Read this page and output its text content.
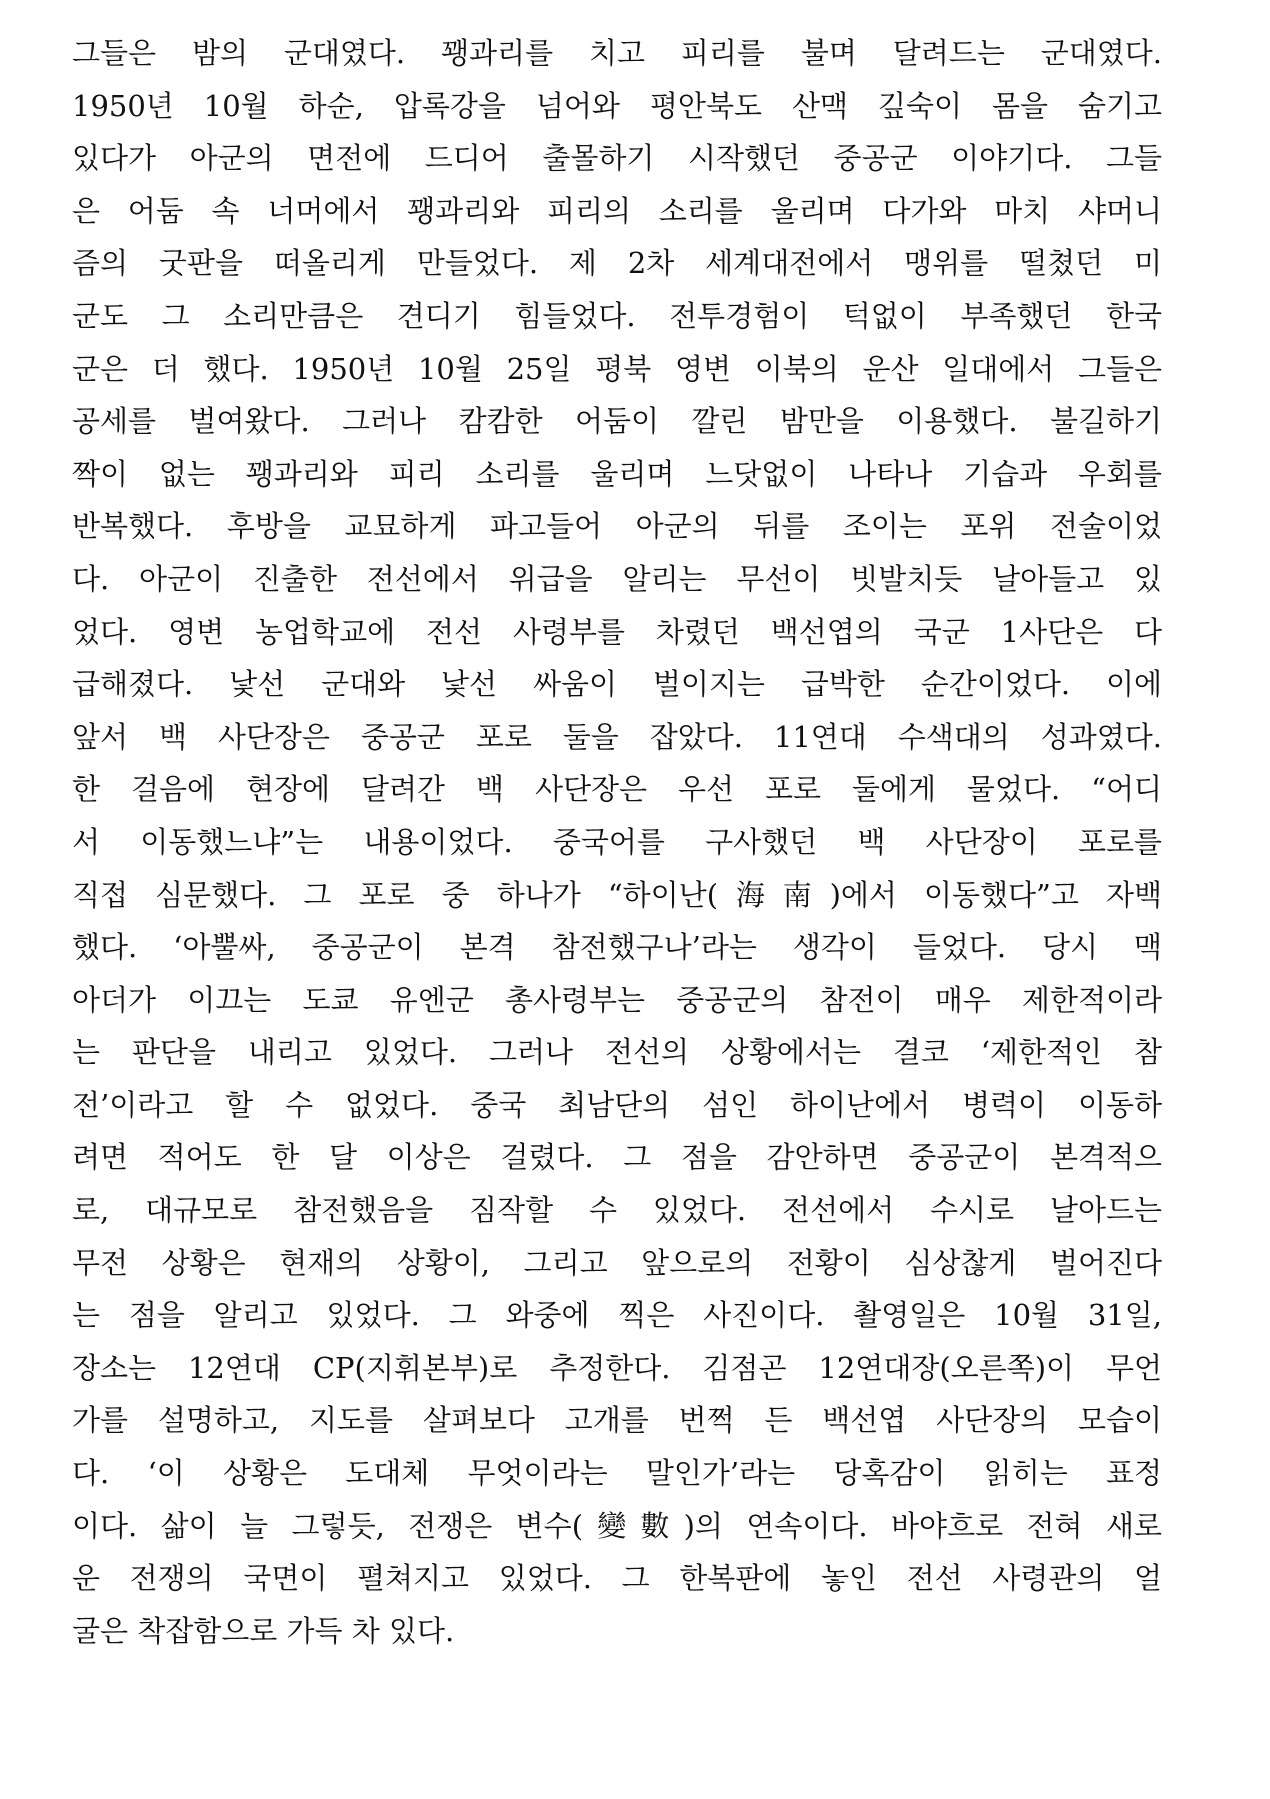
그들은 밤의 군대였다. 꽹과리를 치고 피리를 불며 달려드는 군대였다.
1950년 10월 하순, 압록강을 넘어와 평안북도 산맥 깊숙이 몸을 숨기고
있다가 아군의 면전에 드디어 출몰하기 시작했던 중공군 이야기다. 그들
은 어둠 속 너머에서 꽹과리와 피리의 소리를 울리며 다가와 마치 샤머니
즘의 굿판을 떠올리게 만들었다. 제 2차 세계대전에서 맹위를 떨쳤던 미
군도 그 소리만큼은 견디기 힘들었다. 전투경험이 턱없이 부족했던 한국
군은 더 했다. 1950년 10월 25일 평북 영변 이북의 운산 일대에서 그들은
공세를 벌여왔다. 그러나 캄캄한 어둠이 깔린 밤만을 이용했다. 불길하기
짝이 없는 꽹과리와 피리 소리를 울리며 느닷없이 나타나 기습과 우회를
반복했다. 후방을 교묘하게 파고들어 아군의 뒤를 조이는 포위 전술이었
다. 아군이 진출한 전선에서 위급을 알리는 무선이 빗발치듯 날아들고 있
었다. 영변 농업학교에 전선 사령부를 차렸던 백선엽의 국군 1사단은 다
급해졌다. 낯선 군대와 낯선 싸움이 벌이지는 급박한 순간이었다. 이에
앞서 백 사단장은 중공군 포로 둘을 잡았다. 11연대 수색대의 성과였다.
한 걸음에 현장에 달려간 백 사단장은 우선 포로 둘에게 물었다. “어디
서 이동했느냐”는 내용이었다. 중국어를 구사했던 백 사단장이 포로를
직접 심문했다. 그 포로 중 하나가 “하이난(海南)에서 이동했다”고 자백
했다. ‘아뿔싸, 중공군이 본격 참전했구나’라는 생각이 들었다. 당시 맥
아더가 이끄는 도쿄 유엔군 총사령부는 중공군의 참전이 매우 제한적이라
는 판단을 내리고 있었다. 그러나 전선의 상황에서는 결코 ‘제한적인 참
전’이라고 할 수 없었다. 중국 최남단의 섬인 하이난에서 병력이 이동하
려면 적어도 한 달 이상은 걸렸다. 그 점을 감안하면 중공군이 본격적으
로, 대규모로 참전했음을 짐작할 수 있었다. 전선에서 수시로 날아드는
무전 상황은 현재의 상황이, 그리고 앞으로의 전황이 심상찮게 벌어진다
는 점을 알리고 있었다. 그 와중에 찍은 사진이다. 촬영일은 10월 31일,
장소는 12연대 CP(지휘본부)로 추정한다. 김점곤 12연대장(오른쪽)이 무언
가를 설명하고, 지도를 살펴보다 고개를 번쩍 든 백선엽 사단장의 모습이
다. ‘이 상황은 도대체 무엇이라는 말인가’라는 당혹감이 읽히는 표정
이다. 삶이 늘 그렇듯, 전쟁은 변수(變數)의 연속이다. 바야흐로 전혀 새로
운 전쟁의 국면이 펼쳐지고 있었다. 그 한복판에 놓인 전선 사령관의 얼
굴은 착잡함으로 가득 차 있다.
